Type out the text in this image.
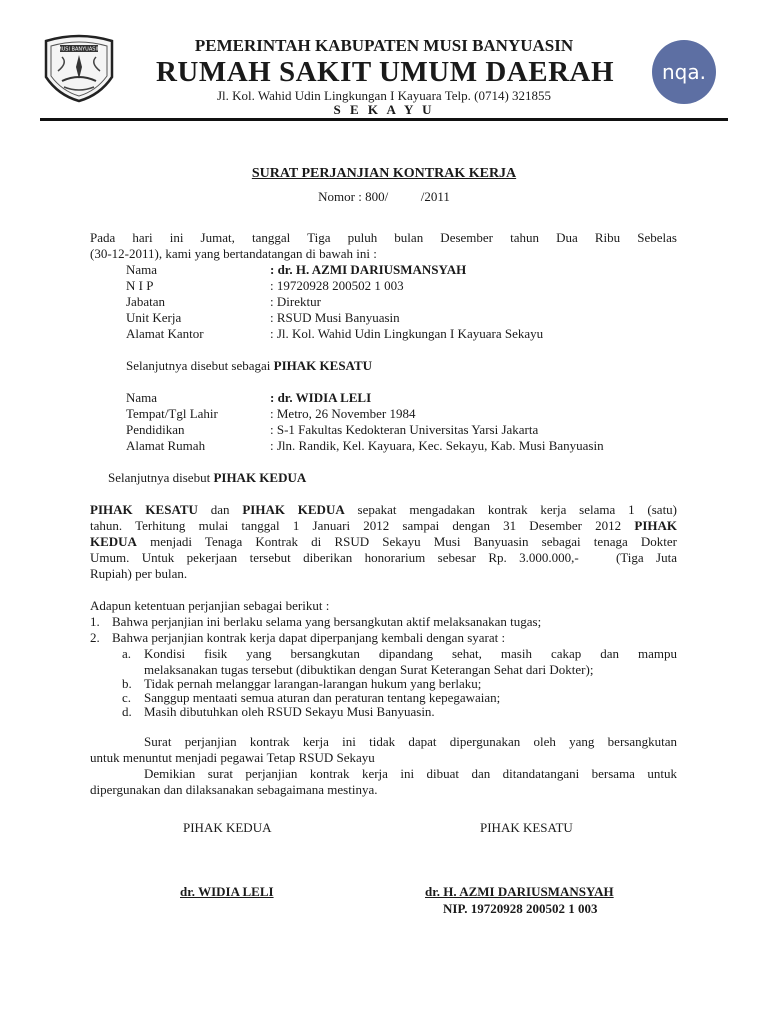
MUSI BANYUASIN	PEMERINTAH KABUPATEN MUSI BANYUASIN
RUMAH SAKIT UMUM DAERAH
Jl. Kol. Wahid Udin Lingkungan I Kayuara Telp. (0714) 321855
S E K A Y U
nqa.
SURAT PERJANJIAN KONTRAK KERJA
Nomor : 800/          /2011
Pada hari ini Jumat, tanggal Tiga puluh bulan Desember tahun Dua Ribu Sebelas
(30-12-2011), kami yang bertandatangan di bawah ini :
Nama	: dr. H. AZMI DARIUSMANSYAH
N I P	: 19720928 200502 1 003
Jabatan	: Direktur
Unit Kerja	: RSUD Musi Banyuasin
Alamat Kantor	: Jl. Kol. Wahid Udin Lingkungan I Kayuara Sekayu
Selanjutnya disebut sebagai PIHAK KESATU
Nama	: dr. WIDIA LELI
Tempat/Tgl Lahir	: Metro, 26 November 1984
Pendidikan	: S-1 Fakultas Kedokteran Universitas Yarsi Jakarta
Alamat Rumah	: Jln. Randik, Kel. Kayuara, Kec. Sekayu, Kab. Musi Banyuasin
Selanjutnya disebut PIHAK KEDUA
PIHAK KESATU dan PIHAK KEDUA sepakat mengadakan kontrak kerja selama 1 (satu)
tahun. Terhitung mulai tanggal 1 Januari 2012 sampai dengan 31 Desember 2012 PIHAK
KEDUA menjadi Tenaga Kontrak di RSUD Sekayu Musi Banyuasin sebagai tenaga Dokter
Umum. Untuk pekerjaan tersebut diberikan honorarium sebesar Rp. 3.000.000,-   (Tiga Juta
Rupiah) per bulan.
Adapun ketentuan perjanjian sebagai berikut :
1. Bahwa perjanjian ini berlaku selama yang bersangkutan aktif melaksanakan tugas;
2. Bahwa perjanjian kontrak kerja dapat diperpanjang kembali dengan syarat :
a. Kondisi fisik yang bersangkutan dipandang sehat, masih cakap dan mampu
melaksanakan tugas tersebut (dibuktikan dengan Surat Keterangan Sehat dari Dokter);
b. Tidak pernah melanggar larangan-larangan hukum yang berlaku;
c. Sanggup mentaati semua aturan dan peraturan tentang kepegawaian;
d. Masih dibutuhkan oleh RSUD Sekayu Musi Banyuasin.
Surat perjanjian kontrak kerja ini tidak dapat dipergunakan oleh yang bersangkutan
untuk menuntut menjadi pegawai Tetap RSUD Sekayu
Demikian surat perjanjian kontrak kerja ini dibuat dan ditandatangani bersama untuk
dipergunakan dan dilaksanakan sebagaimana mestinya.
PIHAK KEDUA	PIHAK KESATU
dr. WIDIA LELI	dr. H. AZMI DARIUSMANSYAH
NIP. 19720928 200502 1 003
